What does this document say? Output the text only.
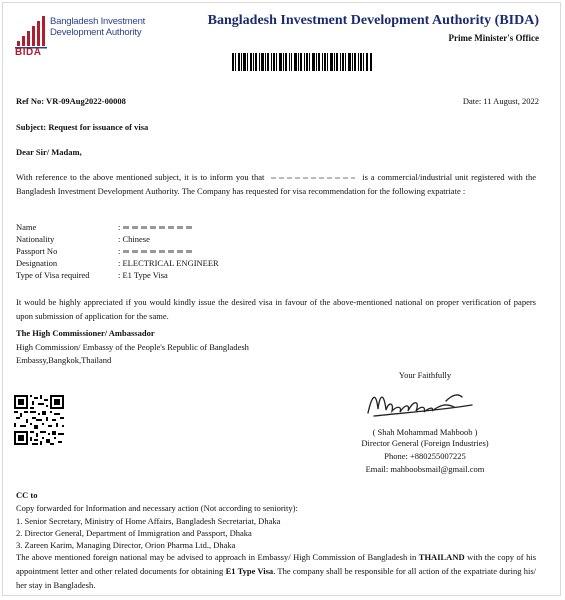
Bangladesh Investment
Development Authority
BIDA
Bangladesh Investment Development Authority (BIDA)
Prime Minister's Office
Ref No: VR-09Aug2022-00008	Date: 11 August, 2022
Subject: Request for issuance of visa
Dear Sir/ Madam,
With reference to the above mentioned subject, it is to inform you that	is a commercial/industrial unit registered with the Bangladesh Investment Development Authority. The Company has requested for visa recommendation for the following expatriate :
Name	:
Nationality	: Chinese
Passport No	:
Designation	: ELECTRICAL ENGINEER
Type of Visa required	: E1 Type Visa
It would be highly appreciated if you would kindly issue the desired visa in favour of the above-mentioned national on proper verification of papers upon submission of application for the same.
The High Commissioner/ Ambassador
High Commission/ Embassy of the People's Republic of Bangladesh
Embassy,Bangkok,Thailand
Your Faithfully
( Shah Mohammad Mahboob )
Director General (Foreign Industries)
Phone: +880255007225
Email: mahboobsmail@gmail.com
CC to
Copy forwarded for Information and necessary action (Not according to seniority):
1. Senior Secretary, Ministry of Home Affairs, Bangladesh Secretariat, Dhaka
2. Director General, Department of Immigration and Passport, Dhaka
3. Zareen Karim, Managing Director, Orion Pharma Ltd., Dhaka
The above mentioned foreign national may be advised to approach in Embassy/ High Commission of Bangladesh in THAILAND with the copy of his appointment letter and other related documents for obtaining E1 Type Visa. The company shall be responsible for all action of the expatriate during his/ her stay in Bangladesh.
